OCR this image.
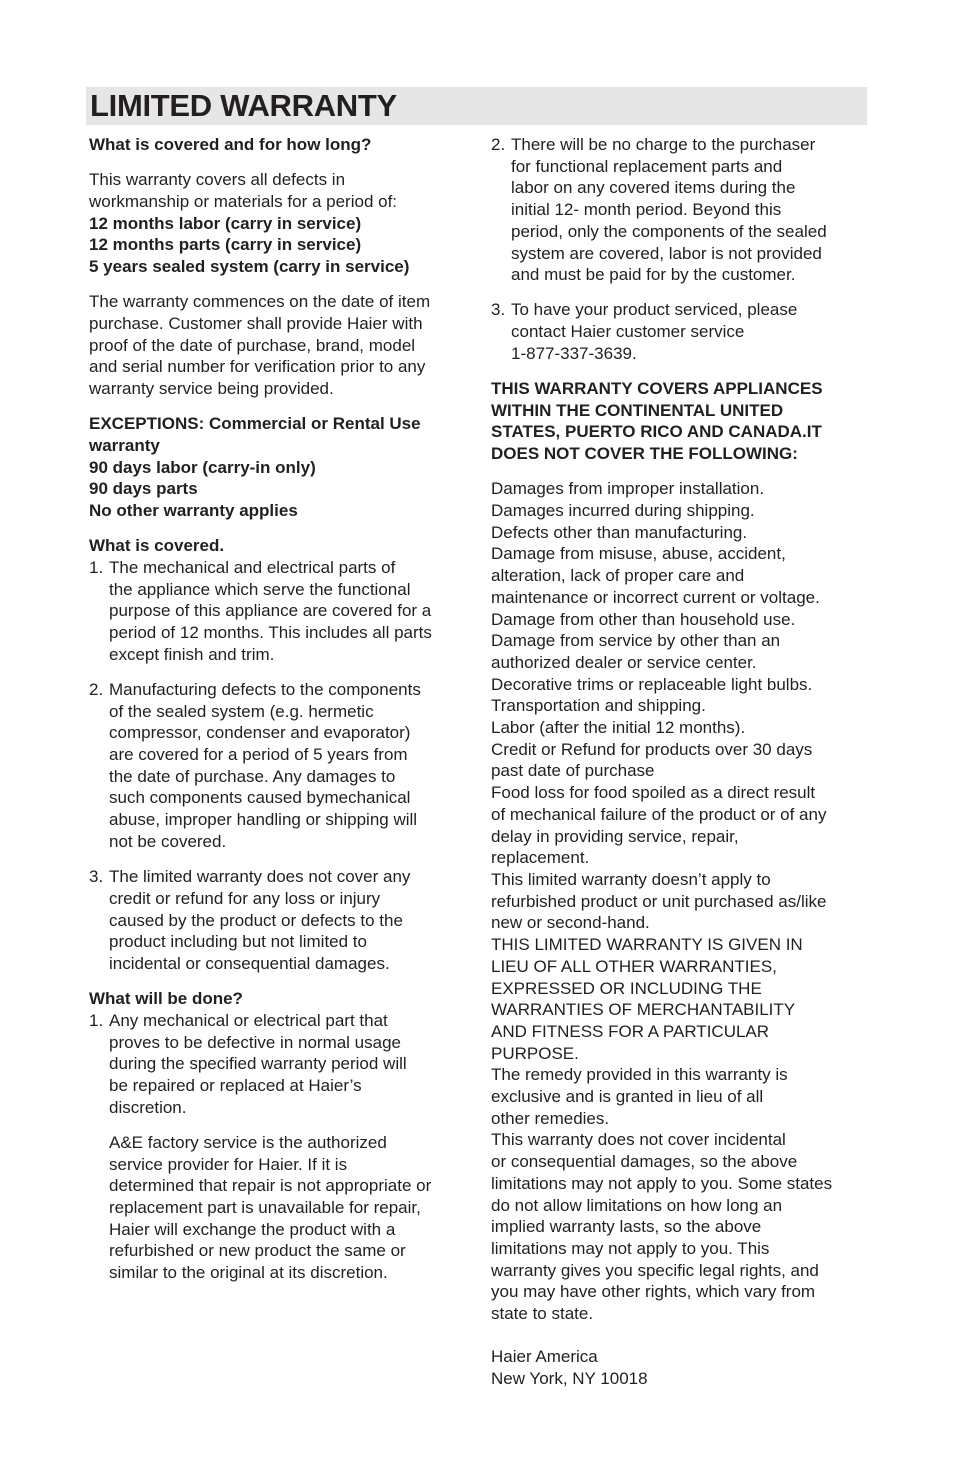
LIMITED WARRANTY

What is covered and for how long?

This warranty covers all defects in
workmanship or materials for a period of:
12 months labor (carry in service)
12 months parts (carry in service)
5 years sealed system (carry in service)

The warranty commences on the date of item
purchase. Customer shall provide Haier with
proof of the date of purchase, brand, model
and serial number for verification prior to any
warranty service being provided.

EXCEPTIONS: Commercial or Rental Use
warranty
90 days labor (carry-in only)
90 days parts
No other warranty applies

What is covered.
1. The mechanical and electrical parts of
the appliance which serve the functional
purpose of this appliance are covered for a
period of 12 months. This includes all parts
except finish and trim.
2. Manufacturing defects to the components
of the sealed system (e.g. hermetic
compressor, condenser and evaporator)
are covered for a period of 5 years from
the date of purchase. Any damages to
such components caused bymechanical
abuse, improper handling or shipping will
not be covered.
3. The limited warranty does not cover any
credit or refund for any loss or injury
caused by the product or defects to the
product including but not limited to
incidental or consequential damages.
What will be done?
1. Any mechanical or electrical part that
proves to be defective in normal usage
during the specified warranty period will
be repaired or replaced at Haier’s
discretion.

A&E factory service is the authorized
service provider for Haier. If it is
determined that repair is not appropriate or
replacement part is unavailable for repair,
Haier will exchange the product with a
refurbished or new product the same or
similar to the original at its discretion.

2. There will be no charge to the purchaser
for functional replacement parts and
labor on any covered items during the
initial 12- month period. Beyond this
period, only the components of the sealed
system are covered, labor is not provided
and must be paid for by the customer.
3. To have your product serviced, please
contact Haier customer service
1-877-337-3639.

THIS WARRANTY COVERS APPLIANCES
WITHIN THE CONTINENTAL UNITED
STATES, PUERTO RICO AND CANADA.IT
DOES NOT COVER THE FOLLOWING:

Damages from improper installation.
Damages incurred during shipping.
Defects other than manufacturing.
Damage from misuse, abuse, accident,
alteration, lack of proper care and
maintenance or incorrect current or voltage.
Damage from other than household use.
Damage from service by other than an
authorized dealer or service center.
Decorative trims or replaceable light bulbs.
Transportation and shipping.
Labor (after the initial 12 months).
Credit or Refund for products over 30 days
past date of purchase
Food loss for food spoiled as a direct result
of mechanical failure of the product or of any
delay in providing service, repair,
replacement.
This limited warranty doesn’t apply to
refurbished product or unit purchased as/like
new or second-hand.
THIS LIMITED WARRANTY IS GIVEN IN
LIEU OF ALL OTHER WARRANTIES,
EXPRESSED OR INCLUDING THE
WARRANTIES OF MERCHANTABILITY
AND FITNESS FOR A PARTICULAR
PURPOSE.
The remedy provided in this warranty is
exclusive and is granted in lieu of all
other remedies.
This warranty does not cover incidental
or consequential damages, so the above
limitations may not apply to you. Some states
do not allow limitations on how long an
implied warranty lasts, so the above
limitations may not apply to you. This
warranty gives you specific legal rights, and
you may have other rights, which vary from
state to state.
Haier America
New York, NY 10018
